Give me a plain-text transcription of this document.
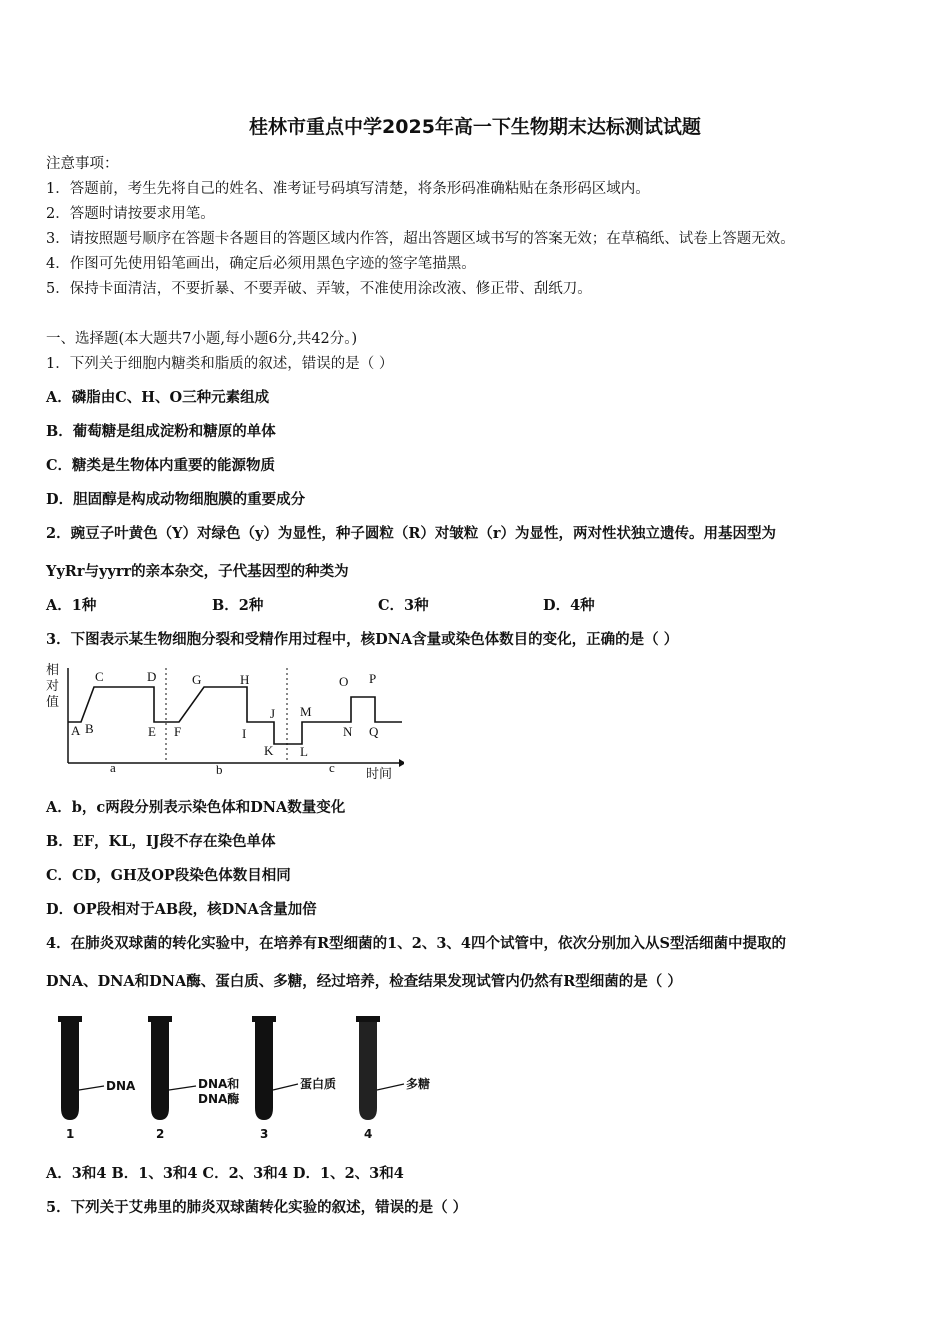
桂林市重点中学2025年高一下生物期末达标测试试题
注意事项：
1．答题前，考生先将自己的姓名、准考证号码填写清楚，将条形码准确粘贴在条形码区域内。
2．答题时请按要求用笔。
3．请按照题号顺序在答题卡各题目的答题区域内作答，超出答题区域书写的答案无效；在草稿纸、试卷上答题无效。
4．作图可先使用铅笔画出，确定后必须用黑色字迹的签字笔描黑。
5．保持卡面清洁，不要折暴、不要弄破、弄皱，不准使用涂改液、修正带、刮纸刀。
一、选择题(本大题共7小题,每小题6分,共42分。)
1．下列关于细胞内糖类和脂质的叙述，错误的是（ ）
A．磷脂由C、H、O三种元素组成
B．葡萄糖是组成淀粉和糖原的单体
C．糖类是生物体内重要的能源物质
D．胆固醇是构成动物细胞膜的重要成分
2．豌豆子叶黄色（Y）对绿色（y）为显性，种子圆粒（R）对皱粒（r）为显性，两对性状独立遗传。用基因型为
YyRr与yyrr的亲本杂交，子代基因型的种类为
A．1种	B．2种	C．3种	D．4种
3．下图表示某生物细胞分裂和受精作用过程中，核DNA含量或染色体数目的变化，正确的是（ ）
相
对
值
A B
C	D
E F
G	H
I
J
K L
M
N
O P
Q
a	b	c 时间
A．b，c两段分别表示染色体和DNA数量变化
B．EF，KL，IJ段不存在染色单体
C．CD，GH及OP段染色体数目相同
D．OP段相对于AB段，核DNA含量加倍
4．在肺炎双球菌的转化实验中，在培养有R型细菌的1、2、3、4四个试管中，依次分别加入从S型活细菌中提取的
DNA、DNA和DNA酶、蛋白质、多糖，经过培养，检查结果发现试管内仍然有R型细菌的是（ ）
DNA
1
DNA和
DNA酶
2
蛋白质
3
多糖
4
A．3和4 B．1、3和4 C．2、3和4 D．1、2、3和4
5．下列关于艾弗里的肺炎双球菌转化实验的叙述，错误的是（ ）
